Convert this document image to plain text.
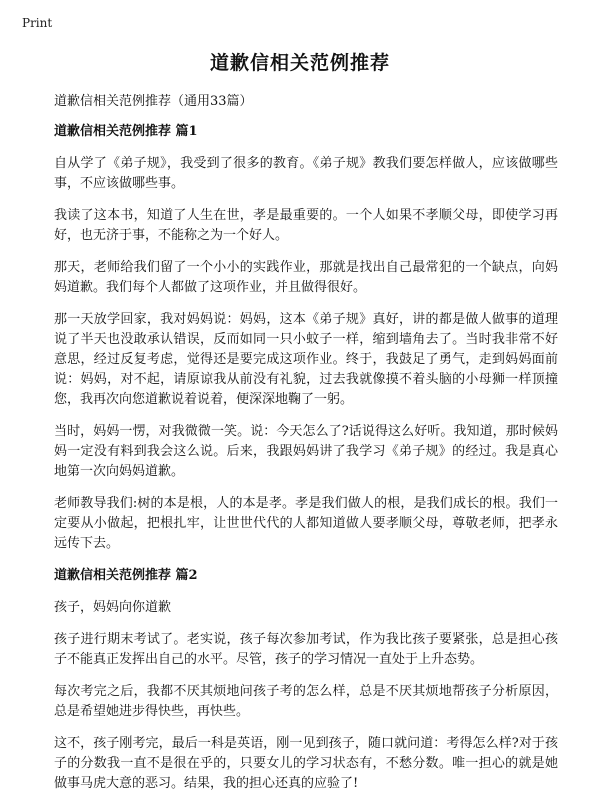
Print
道歉信相关范例推荐

道歉信相关范例推荐（通用33篇）

道歉信相关范例推荐 篇1

自从学了《弟子规》，我受到了很多的教育。《弟子规》教我们要怎样做人，应该做哪些事，不应该做哪些事。

我读了这本书，知道了人生在世，孝是最重要的。一个人如果不孝顺父母，即使学习再好，也无济于事，不能称之为一个好人。

那天，老师给我们留了一个小小的实践作业，那就是找出自己最常犯的一个缺点，向妈妈道歉。我们每个人都做了这项作业，并且做得很好。

那一天放学回家，我对妈妈说：妈妈，这本《弟子规》真好，讲的都是做人做事的道理说了半天也没敢承认错误，反而如同一只小蚊子一样，缩到墙角去了。当时我非常不好意思，经过反复考虑，觉得还是要完成这项作业。终于，我鼓足了勇气，走到妈妈面前说：妈妈，对不起，请原谅我从前没有礼貌，过去我就像摸不着头脑的小母狮一样顶撞您，我再次向您道歉说着说着，便深深地鞠了一躬。

当时，妈妈一愣，对我微微一笑。说：今天怎么了?话说得这么好听。我知道，那时候妈妈一定没有料到我会这么说。后来，我跟妈妈讲了我学习《弟子规》的经过。我是真心地第一次向妈妈道歉。

老师教导我们:树的本是根，人的本是孝。孝是我们做人的根，是我们成长的根。我们一定要从小做起，把根扎牢，让世世代代的人都知道做人要孝顺父母，尊敬老师，把孝永远传下去。

道歉信相关范例推荐 篇2

孩子，妈妈向你道歉

孩子进行期末考试了。老实说，孩子每次参加考试，作为我比孩子要紧张，总是担心孩子不能真正发挥出自己的水平。尽管，孩子的学习情况一直处于上升态势。

每次考完之后，我都不厌其烦地问孩子考的怎么样，总是不厌其烦地帮孩子分析原因，总是希望她进步得快些，再快些。

这不，孩子刚考完，最后一科是英语，刚一见到孩子，随口就问道：考得怎么样?对于孩子的分数我一直不是很在乎的，只要女儿的学习状态有，不愁分数。唯一担心的就是她做事马虎大意的恶习。结果，我的担心还真的应验了!
